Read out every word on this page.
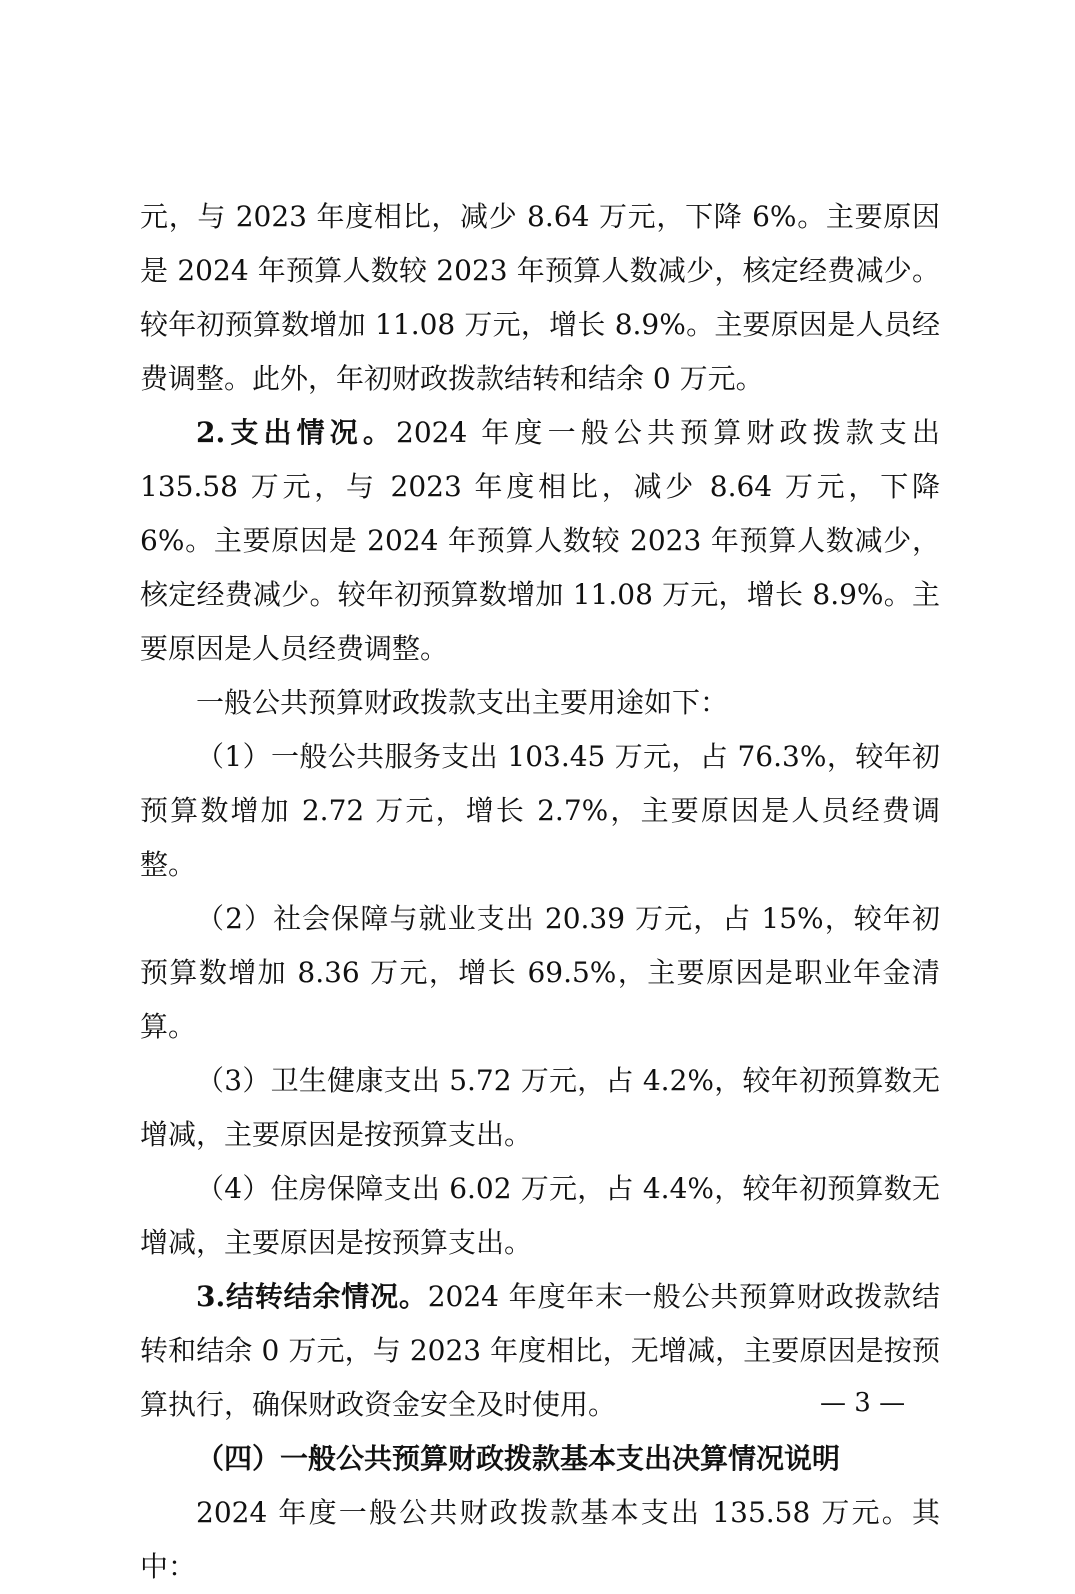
元，与 2023 年度相比，减少 8.64 万元，下降 6%。主要原因是 2024 年预算人数较 2023 年预算人数减少，核定经费减少。较年初预算数增加 11.08 万元，增长 8.9%。主要原因是人员经费调整。此外，年初财政拨款结转和结余 0 万元。

2.支出情况。2024 年度一般公共预算财政拨款支出 135.58 万元，与 2023 年度相比，减少 8.64 万元，下降 6%。主要原因是 2024 年预算人数较 2023 年预算人数减少，核定经费减少。较年初预算数增加 11.08 万元，增长 8.9%。主要原因是人员经费调整。

一般公共预算财政拨款支出主要用途如下：

（1）一般公共服务支出 103.45 万元，占 76.3%，较年初预算数增加 2.72 万元，增长 2.7%，主要原因是人员经费调整。

（2）社会保障与就业支出 20.39 万元，占 15%，较年初预算数增加 8.36 万元，增长 69.5%，主要原因是职业年金清算。

（3）卫生健康支出 5.72 万元，占 4.2%，较年初预算数无增减，主要原因是按预算支出。

（4）住房保障支出 6.02 万元，占 4.4%，较年初预算数无增减，主要原因是按预算支出。

3.结转结余情况。2024 年度年末一般公共预算财政拨款结转和结余 0 万元，与 2023 年度相比，无增减，主要原因是按预算执行，确保财政资金安全及时使用。

（四）一般公共预算财政拨款基本支出决算情况说明

2024 年度一般公共财政拨款基本支出 135.58 万元。其中：

— 3 —
